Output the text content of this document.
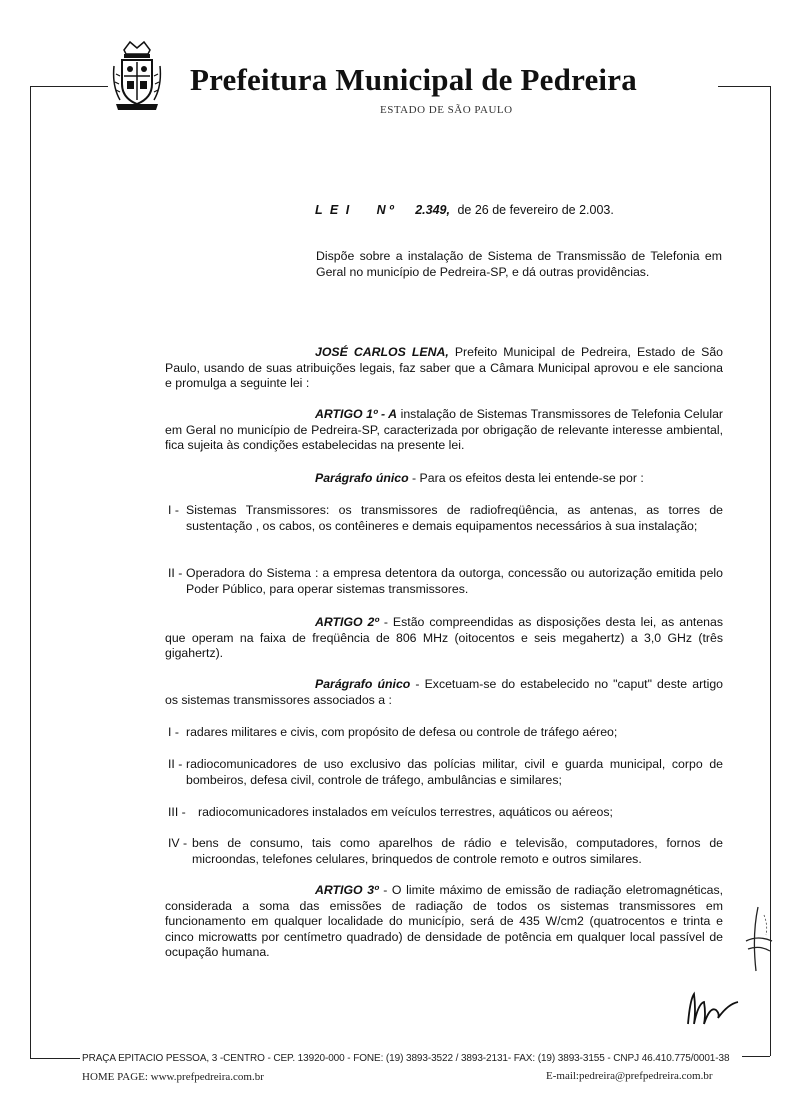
Prefeitura Municipal de Pedreira
ESTADO DE SÃO PAULO
L E I N º 2.349, de 26 de fevereiro de 2.003.
Dispõe sobre a instalação de Sistema de Transmissão de Telefonia em Geral no município de Pedreira-SP, e dá outras providências.
JOSÉ CARLOS LENA, Prefeito Municipal de Pedreira, Estado de São Paulo, usando de suas atribuições legais, faz saber que a Câmara Municipal aprovou e ele sanciona e promulga a seguinte lei :
ARTIGO 1º - A instalação de Sistemas Transmissores de Telefonia Celular em Geral no município de Pedreira-SP, caracterizada por obrigação de relevante interesse ambiental, fica sujeita às condições estabelecidas na presente lei.
Parágrafo único - Para os efeitos desta lei entende-se por :
I - Sistemas Transmissores: os transmissores de radiofreqüência, as antenas, as torres de sustentação , os cabos, os contêineres e demais equipamentos necessários à sua instalação;
II - Operadora do Sistema : a empresa detentora da outorga, concessão ou autorização emitida pelo Poder Público, para operar sistemas transmissores.
ARTIGO 2º - Estão compreendidas as disposições desta lei, as antenas que operam na faixa de freqüência de 806 MHz (oitocentos e seis megahertz) a 3,0 GHz (três gigahertz).
Parágrafo único - Excetuam-se do estabelecido no "caput" deste artigo os sistemas transmissores associados a :
I - radares militares e civis, com propósito de defesa ou controle de tráfego aéreo;
II - radiocomunicadores de uso exclusivo das polícias militar, civil e guarda municipal, corpo de bombeiros, defesa civil, controle de tráfego, ambulâncias e similares;
III - radiocomunicadores instalados em veículos terrestres, aquáticos ou aéreos;
IV - bens de consumo, tais como aparelhos de rádio e televisão, computadores, fornos de microondas, telefones celulares, brinquedos de controle remoto e outros similares.
ARTIGO 3º - O limite máximo de emissão de radiação eletromagnéticas, considerada a soma das emissões de radiação de todos os sistemas transmissores em funcionamento em qualquer localidade do município, será de 435 W/cm2 (quatrocentos e trinta e cinco microwatts por centímetro quadrado) de densidade de potência em qualquer local passível de ocupação humana.
PRAÇA EPITACIO PESSOA, 3 -CENTRO - CEP. 13920-000 - FONE: (19) 3893-3522 / 3893-2131- FAX: (19) 3893-3155 - CNPJ 46.410.775/0001-38
HOME PAGE: www.prefpedreira.com.br	E-mail:pedreira@prefpedreira.com.br
